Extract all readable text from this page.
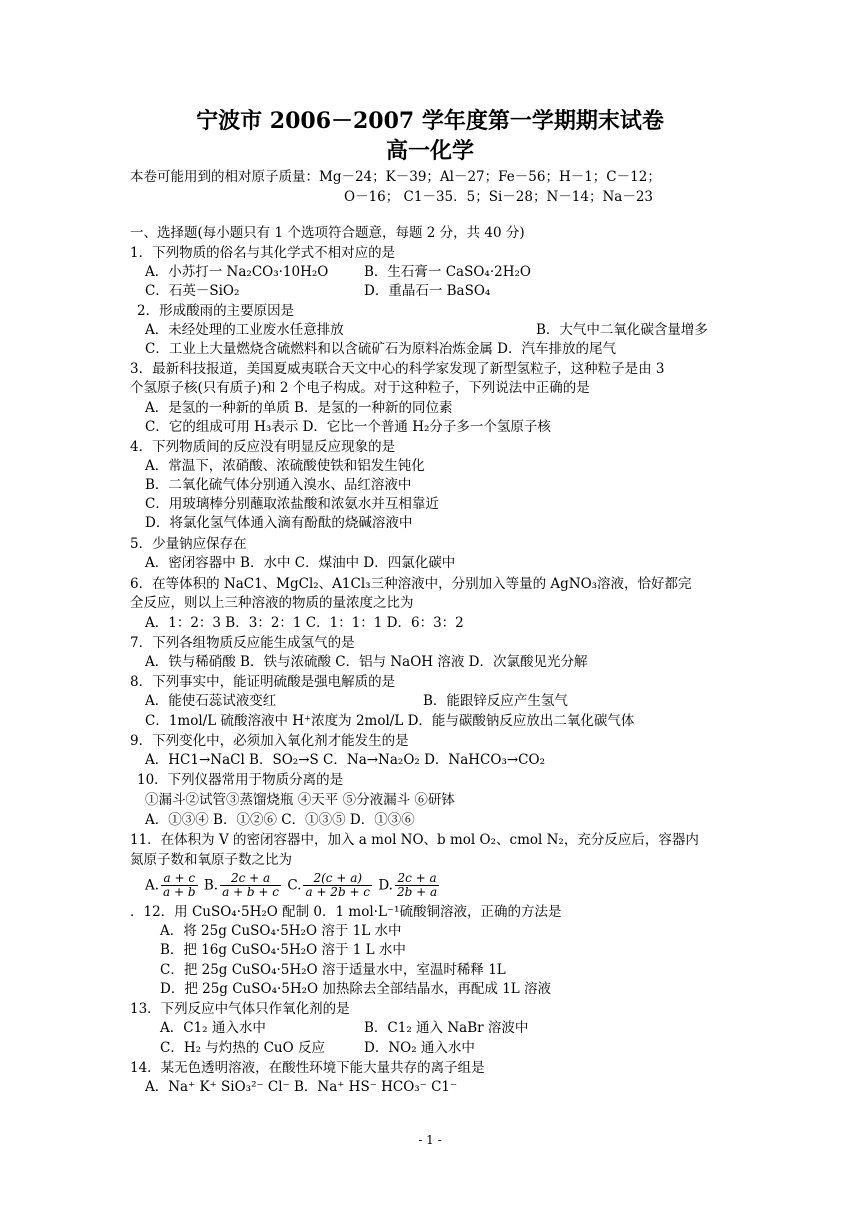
宁波市 2006－2007 学年度第一学期期末试卷
高一化学
本卷可能用到的相对原子质量：Mg－24；K－39；Al－27；Fe－56；H－1；C－12；
O－16； C1－35．5；Si－28；N－14；Na－23
一、选择题(每小题只有 1 个选项符合题意，每题 2 分，共 40 分)
1．下列物质的俗名与其化学式不相对应的是
A．小苏打一 Na₂CO₃·10H₂O	B．生石膏一 CaSO₄·2H₂O
C．石英－SiO₂	D．重晶石一 BaSO₄
2．形成酸雨的主要原因是
A．未经处理的工业废水任意排放	B．大气中二氧化碳含量增多
C．工业上大量燃烧含硫燃料和以含硫矿石为原料冶炼金属 D．汽车排放的尾气
3．最新科技报道，美国夏威夷联合天文中心的科学家发现了新型氢粒子，这种粒子是由 3
个氢原子核(只有质子)和 2 个电子构成。对于这种粒子，下列说法中正确的是
A．是氢的一种新的单质 B．是氢的一种新的同位素
C．它的组成可用 H₃表示 D．它比一个普通 H₂分子多一个氢原子核
4．下列物质间的反应没有明显反应现象的是
A．常温下，浓硝酸、浓硫酸使铁和铝发生钝化
B．二氧化硫气体分别通入溴水、品红溶液中
C．用玻璃棒分别蘸取浓盐酸和浓氨水并互相靠近
D．将氯化氢气体通入滴有酚酞的烧碱溶液中
5．少量钠应保存在
A．密闭容器中 B．水中 C．煤油中 D．四氯化碳中
6．在等体积的 NaC1、MgCl₂、A1Cl₃三种溶液中，分别加入等量的 AgNO₃溶液，恰好都完
全反应，则以上三种溶液的物质的量浓度之比为
A．1：2：3 B．3：2：1 C．1：1：1 D．6：3：2
7．下列各组物质反应能生成氢气的是
A．铁与稀硝酸 B．铁与浓硫酸 C．铝与 NaOH 溶液 D．次氯酸见光分解
8．下列事实中，能证明硫酸是强电解质的是
A．能使石蕊试液变红	B．能跟锌反应产生氢气
C．1mol/L 硫酸溶液中 H⁺浓度为 2mol/L D．能与碳酸钠反应放出二氧化碳气体
9．下列变化中，必须加入氧化剂才能发生的是
A．HC1→NaCl B．SO₂→S C．Na→Na₂O₂ D．NaHCO₃→CO₂
10．下列仪器常用于物质分离的是
①漏斗②试管③蒸馏烧瓶 ④天平 ⑤分液漏斗 ⑥研钵
A．①③④ B．①②⑥ C．①③⑤ D．①③⑥
11．在体积为 V 的密闭容器中，加入 a mol NO、b mol O₂、cmol N₂，充分反应后，容器内
氮原子数和氧原子数之比为
A. $\frac{a + c}{a + b} B$. $\frac{2c + a}{a + b + c} C$. $\frac{2(c + a)}{a + 2b + c} D$. $\frac{2c + a}{2b + a}$
．12．用 CuSO₄·5H₂O 配制 0．1 mol·L⁻¹硫酸铜溶液，正确的方法是
A．将 25g CuSO₄·5H₂O 溶于 1L 水中
B．把 16g CuSO₄·5H₂O 溶于 1 L 水中
C．把 25g CuSO₄·5H₂O 溶于适量水中，室温时稀释 1L
D．把 25g CuSO₄·5H₂O 加热除去全部结晶水，再配成 1L 溶液
13．下列反应中气体只作氧化剂的是
A．C1₂ 通入水中	B．C1₂ 通入 NaBr 溶波中
C．H₂ 与灼热的 CuO 反应	D．NO₂ 通入水中
14．某无色透明溶液，在酸性环境下能大量共存的离子组是
A．Na⁺ K⁺ SiO₃²⁻ Cl⁻ B．Na⁺ HS⁻ HCO₃⁻ C1⁻
- 1 -
